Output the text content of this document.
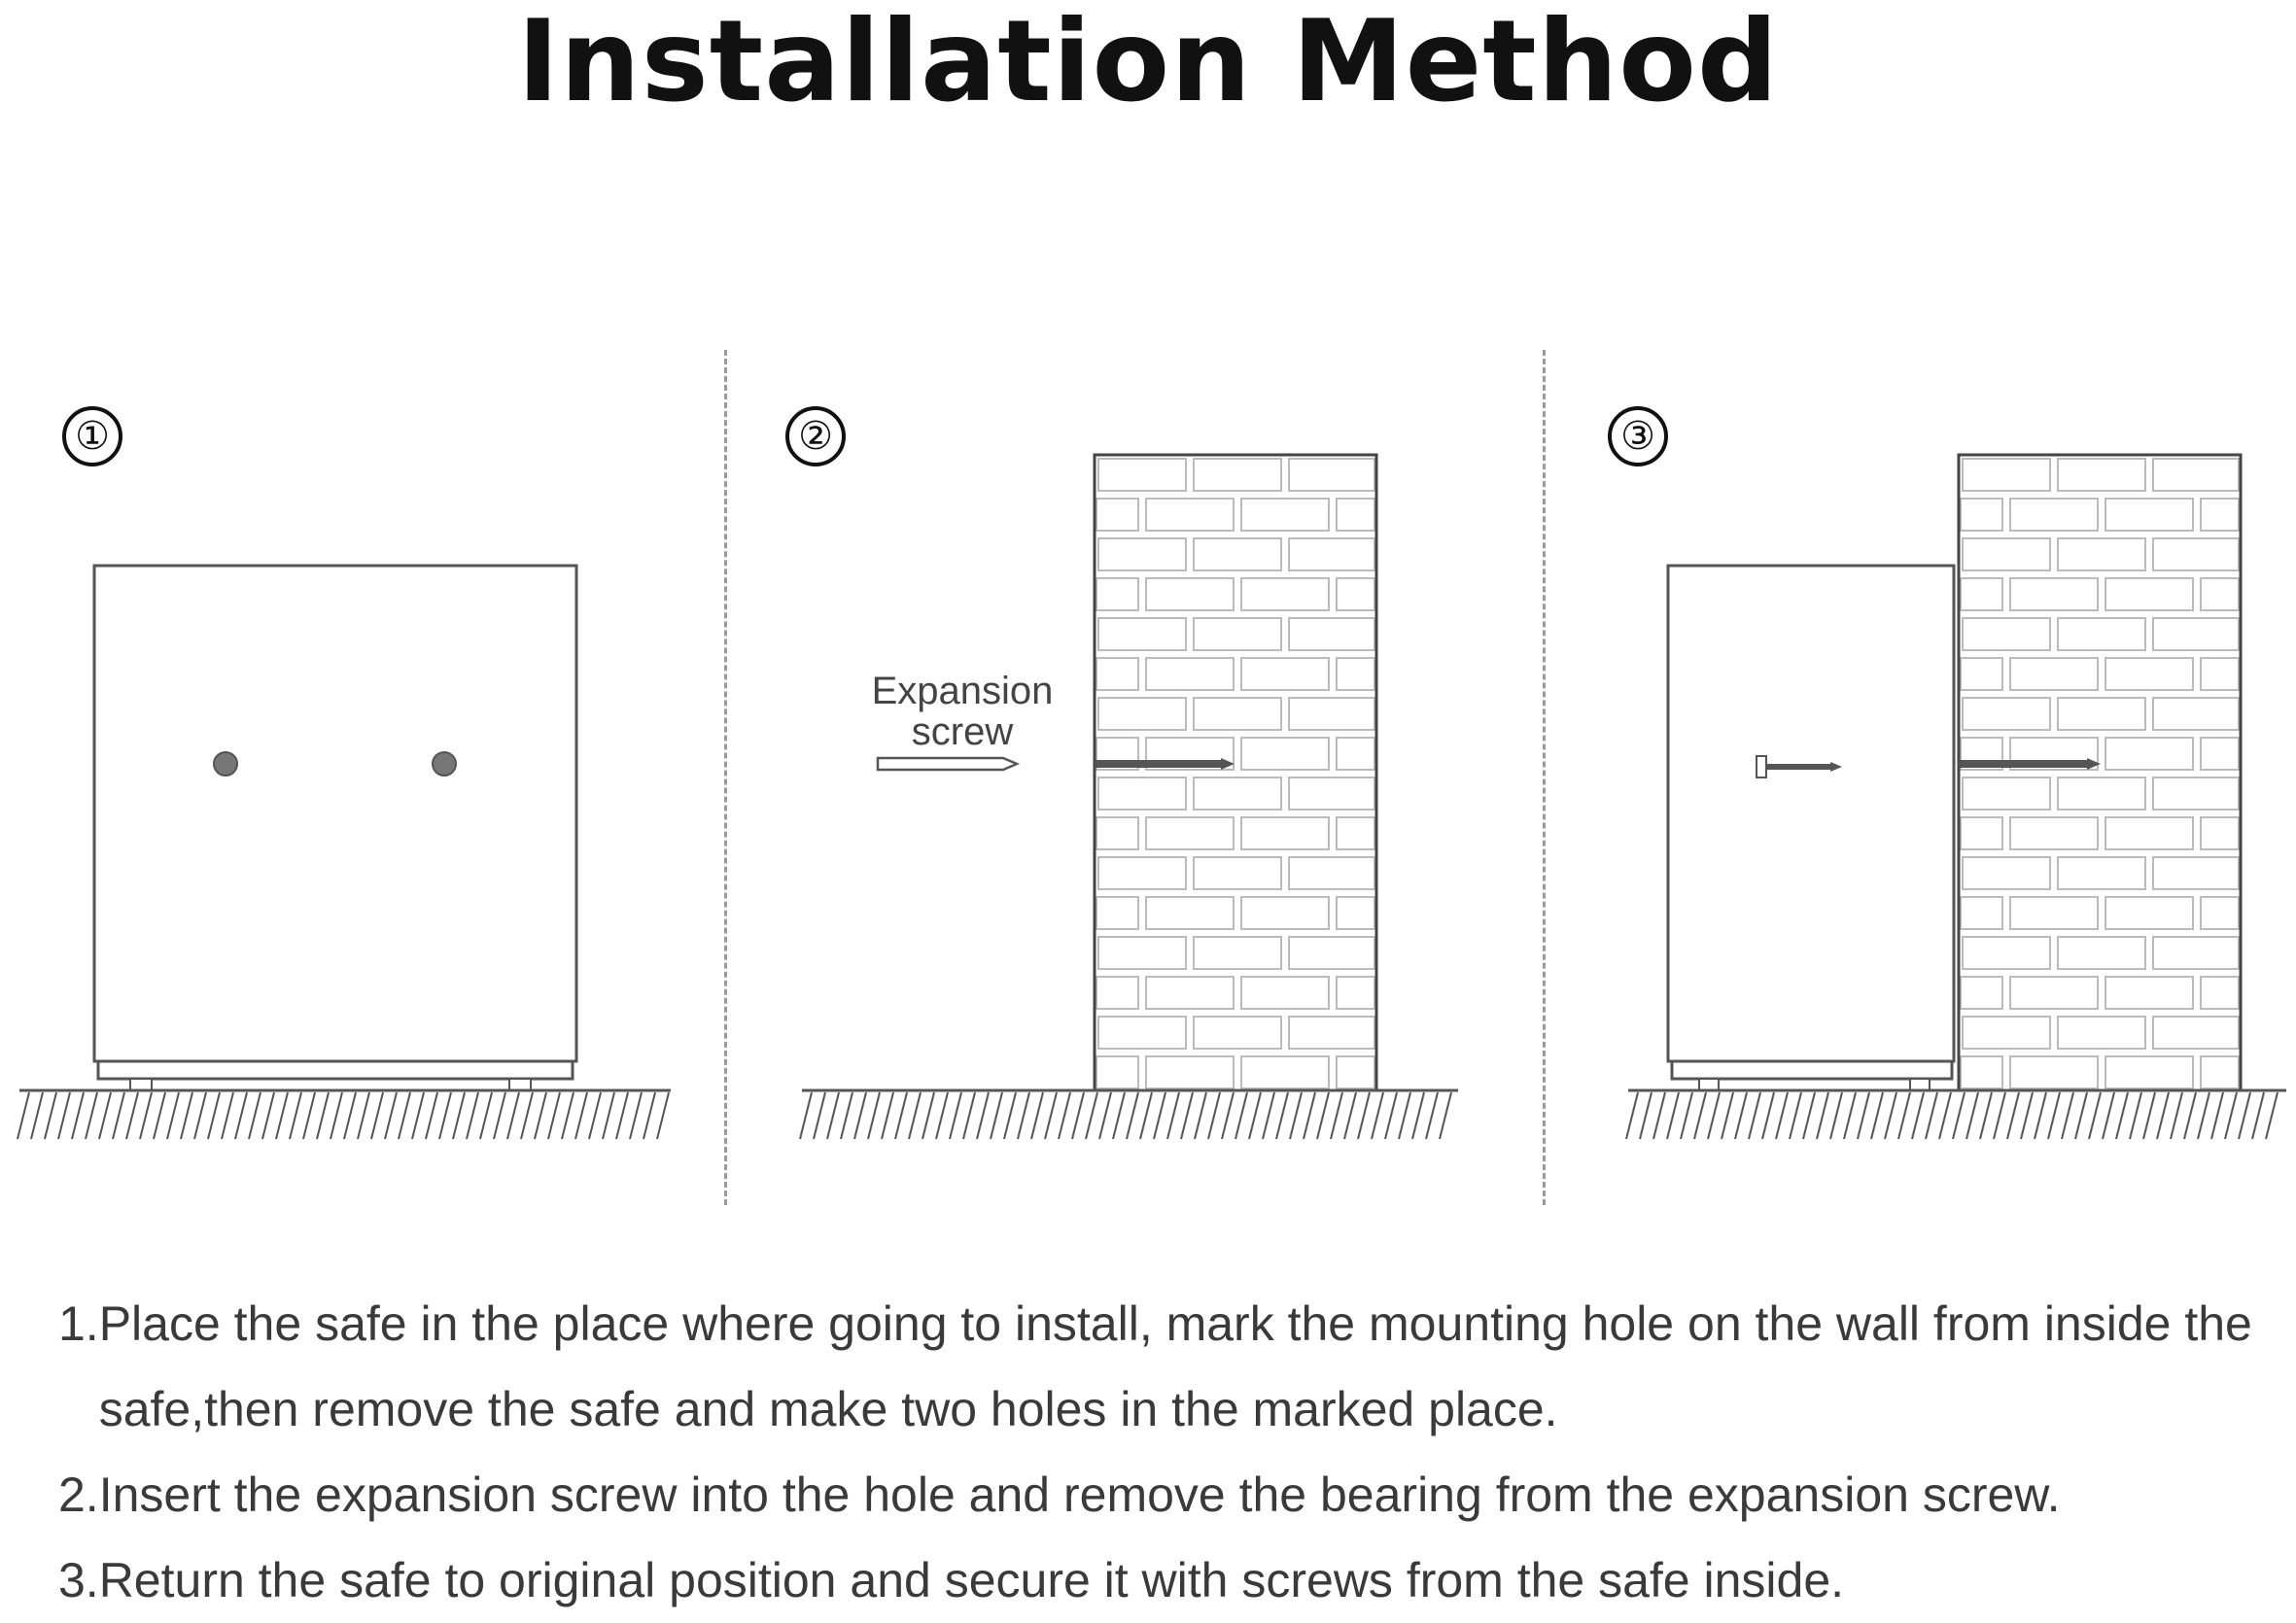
Installation Method
①	②
Expansion
screw
③
1. Place the safe in the place where going to install, mark the mounting hole on the wall from inside the safe,then remove the safe and make two holes in the marked place.
2. Insert the expansion screw into the hole and remove the bearing from the expansion screw.
3. Return the safe to original position and secure it with screws from the safe inside.
